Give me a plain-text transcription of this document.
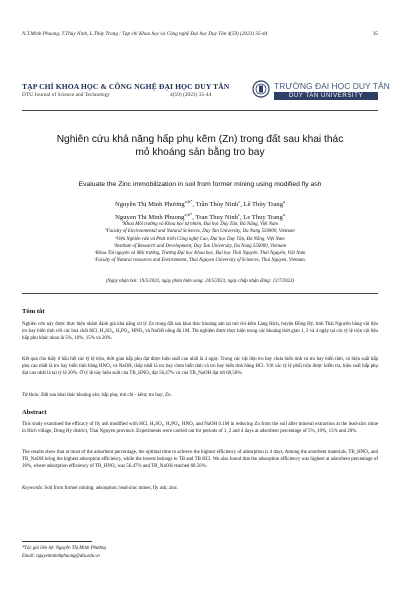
N.T.Minh Phuong, T.Thùy Ninh, L.Thùy Trang / Tạp chí Khoa học và Công nghệ Đại học Duy Tân 4(59) (2023) 35-44	35
TẠP CHÍ KHOA HỌC & CÔNG NGHỆ ĐẠI HỌC DUY TÂN
DTU Journal of Science and Technology	4(59) (2023) 35-44
TRƯỜNG ĐẠI HỌC DUY TÂN
DUY TAN UNIVERSITY
Nghiên cứu khả năng hấp phụ kẽm (Zn) trong đất sau khai thác
mỏ khoáng sản bằng tro bay
Evaluate the Zinc immobilization in soil from former mining using modified fly ash
Nguyễn Thị Minh Phương$^{a,b*}$, Trần Thùy Ninh$^c$, Lê Thùy Trang$^a$
Nguyen Thi Minh Phuong$^{a,b*}$, Tran Thuy Ninh$^c$, Le Thuy Trang$^a$
ªKhoa Môi trường và Khoa học tự nhiên, Đại học Duy Tân, Đà Nẵng, Việt Nam
ªFaculty of Environmental and Natural Sciences, Duy Tan University, Da Nang 550000, Vietnam
ᵇViện Nghiên cứu và Phát triển Công nghệ Cao, Đại học Duy Tân, Đà Nẵng, Việt Nam
ᵇInstitute of Research and Development, Duy Tan University, Da Nang 550000, Vietnam
ᶜKhoa Tài nguyên và Môi trường, Trường Đại học Khoa học, Đại học Thái Nguyên, Thái Nguyên, Việt Nam
ᶜFaculty of Natural resources and Environment, Thai Nguyen University of Sciences, Thai Nguyen, Vietnam.
(Ngày nhận bài: 19/5/2023, ngày phản biện xong: 24/5/2023, ngày chấp nhận đăng: 12/7/2023)
Tóm tắt
Nghiên cứu này được thực hiện nhằm đánh giá khả năng xử lý Zn trong đất sau khai thác khoáng sản tại mỏ chì-kẽm Làng Hích, huyện Đồng Hỷ, tỉnh Thái Nguyên bằng vật liệu tro bay biến tính với các hoá chất HCl, H₂SO₄, H₃PO₄, HNO₃ và NaOH nồng độ 1M. Thí nghiệm được thực hiện trong các khoảng thời gian 1, 2 và 4 ngày tại các tỷ lệ trộn vật liệu hấp phụ khác nhau là 5%, 10%, 15% và 20%.
Kết quả cho thấy ở hầu hết các tỷ lệ trộn, thời gian hấp phụ đạt được hiệu suất cao nhất là 4 ngày. Trong các vật liệu tro bay chưa biến tính và tro bay biến tính, có hiệu suất hấp phụ cao nhất là tro bay biến tính bằng HNO₃ và NaOH, thấp nhất là tro bay chưa biến tính và tro bay biến tính bằng HCl. Với các tỷ lệ phối trộn được kiểm tra, hiệu suất hấp phụ đạt cao nhất là tại tỷ lệ 20%. Ở tỷ lệ này hiệu suất của TB_HNO₃ đạt 56,47% và của TB_NaOH đạt tới 68,56%.
Từ khóa: Đất sau khai thác khoáng sản; hấp phụ; mỏ chì - kẽm; tro bay; Zn.
Abstract
This study examined the efficacy of fly ash modified with HCl, H₂SO₄, H₃PO₄, HNO₃ and NaOH 0.1M in reducing Zn from the soil after mineral extraction at the lead-zinc mine in Hich village, Dong Hy district, Thai Nguyen province. Experiments were carried out for periods of 1, 2 and 4 days at adsorbent percentage of 5%, 10%, 15% and 20%.
The results show that at most of the adsorbent percentage, the optimal time to achieve the highest efficiency of adsorption is 4 days. Among the arsorbent materials, TB_HNO₃ and TB_NaOH bring the highest adsorption efficiency, while the lowest belongs to TB and TB HCl. We also found that the adsorption efficiency was highest at adsorbent percentage of 20%, where adsorption efficiency of TB_HNO₃ was 56.47% and TB_NaOH reached 68.56%.
Keywords: Soil from former mining; adsorption; lead-zinc mines; fly ash; zinc.
*Tác giả liên hệ: Nguyễn Thị Minh Phương
Email: nguyentminhphuong@dtu.edu.vn
